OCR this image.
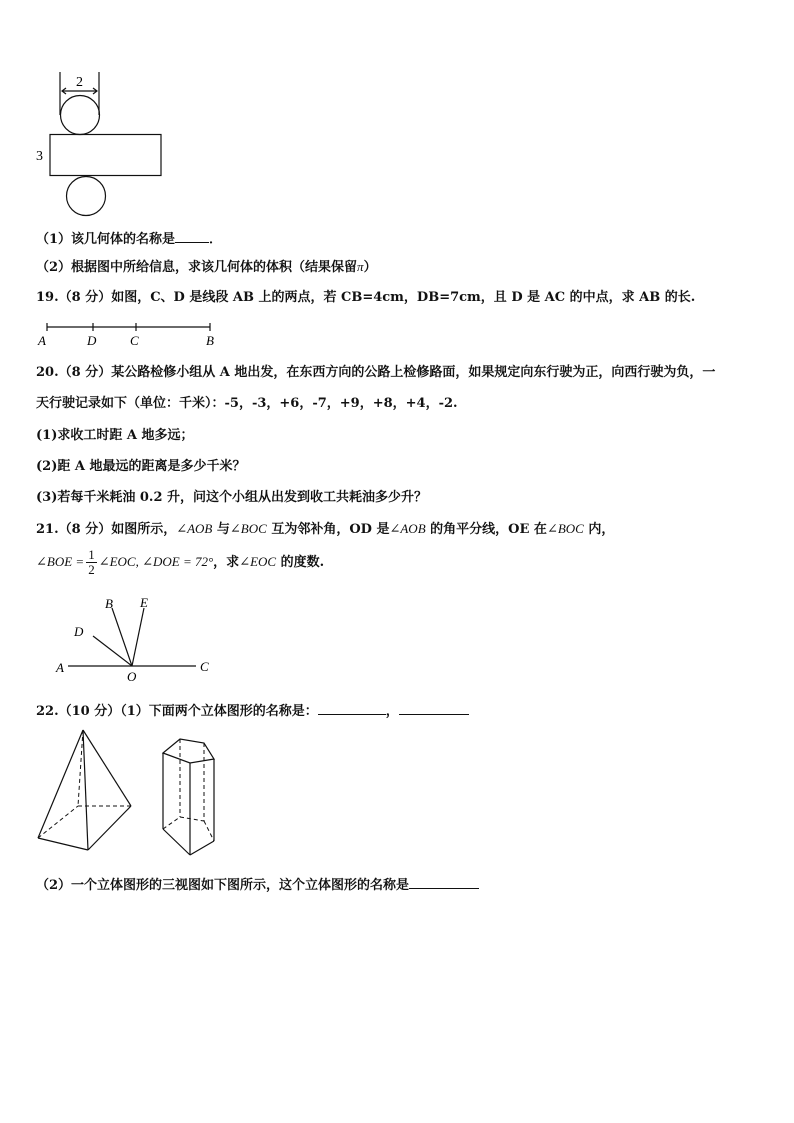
2
3
（1）该几何体的名称是	．
（2）根据图中所给信息，求该几何体的体积（结果保留π）
19.（8 分）如图，C、D 是线段 AB 上的两点，若 CB=4cm，DB=7cm，且 D 是 AC 的中点，求 AB 的长.
A	D	C	B
20.（8 分）某公路检修小组从 A 地出发，在东西方向的公路上检修路面，如果规定向东行驶为正，向西行驶为负，一
天行驶记录如下（单位：千米）：-5，-3，+6，-7，+9，+8，+4，-2.
(1)求收工时距 A 地多远；
(2)距 A 地最远的距离是多少千米？
(3)若每千米耗油 0.2 升，问这个小组从出发到收工共耗油多少升？
21.（8 分）如图所示，∠AOB 与∠BOC 互为邻补角，OD 是∠AOB 的角平分线，OE 在∠BOC 内，
∠BOE = $\frac{1}{2}$ ∠EOC, ∠DOE = 72°，求∠EOC 的度数.
A
O
C
D
B E
22.（10 分）（1）下面两个立体图形的名称是：	，
（2）一个立体图形的三视图如下图所示，这个立体图形的名称是
